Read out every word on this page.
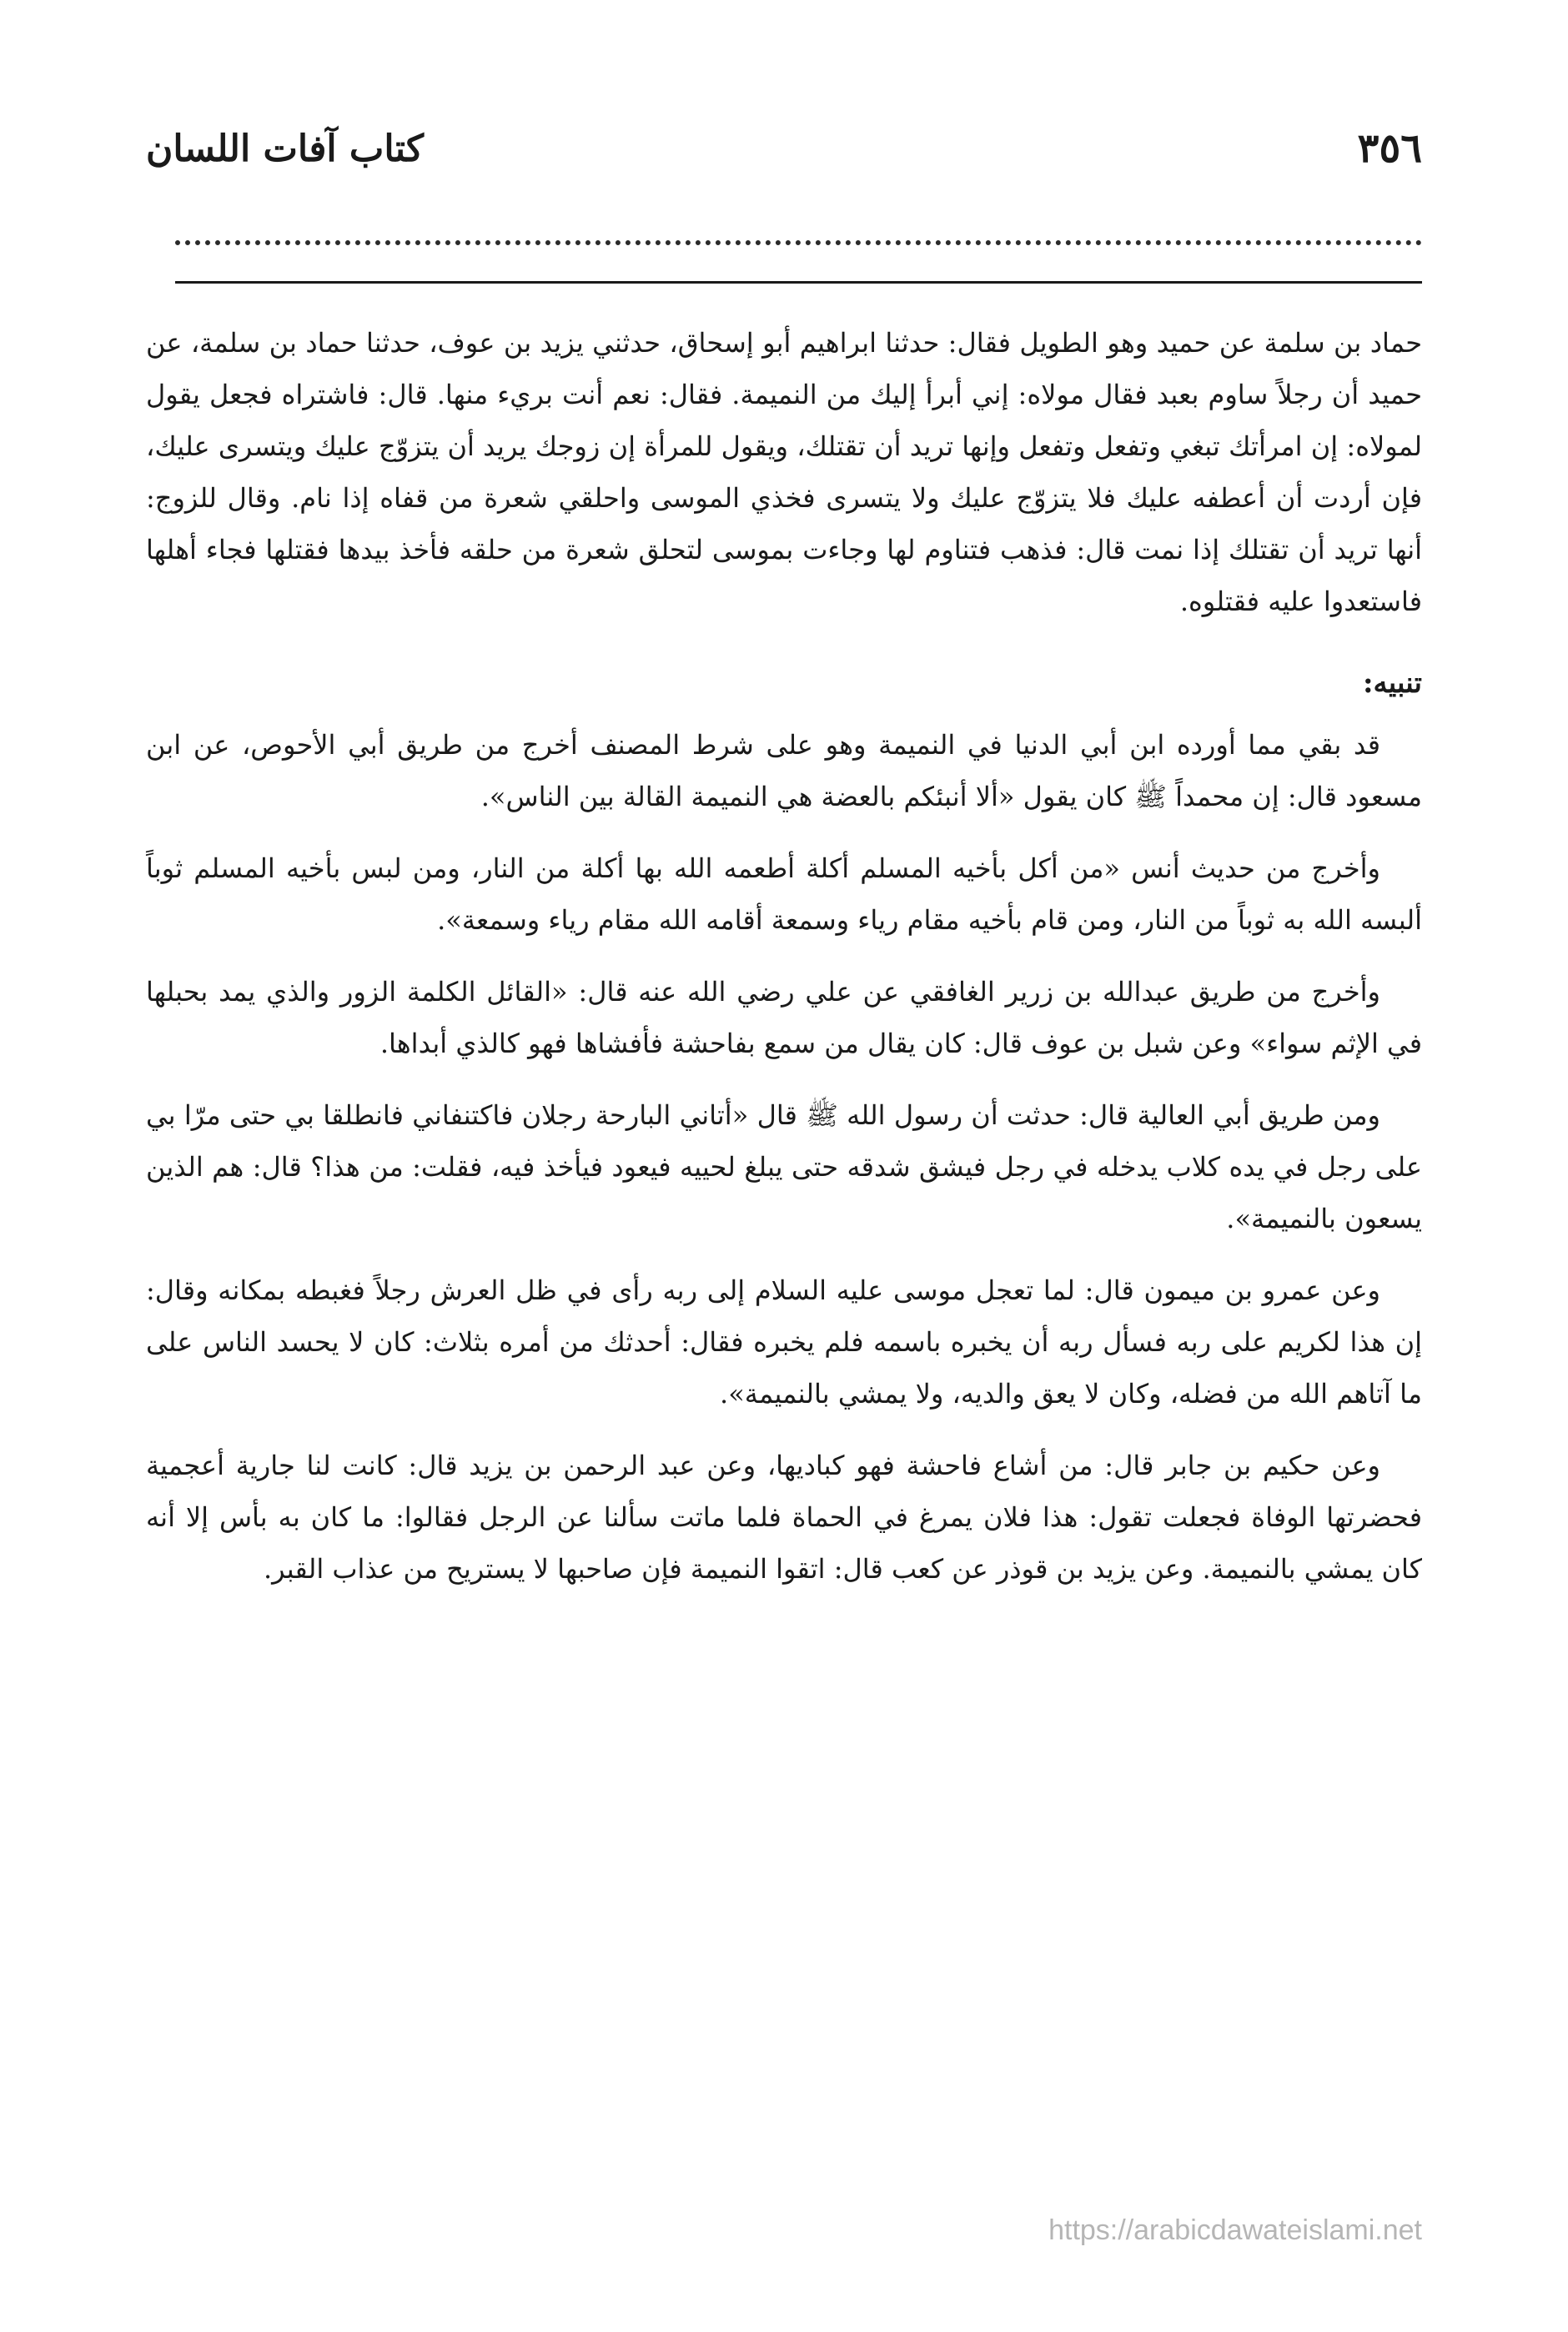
٣٥٦
كتاب آفات اللسان

حماد بن سلمة عن حميد وهو الطويل فقال: حدثنا ابراهيم أبو إسحاق، حدثني يزيد بن عوف، حدثنا حماد بن سلمة، عن حميد أن رجلاً ساوم بعبد فقال مولاه: إني أبرأ إليك من النميمة. فقال: نعم أنت بريء منها. قال: فاشتراه فجعل يقول لمولاه: إن امرأتك تبغي وتفعل وتفعل وإنها تريد أن تقتلك، ويقول للمرأة إن زوجك يريد أن يتزوّج عليك ويتسرى عليك، فإن أردت أن أعطفه عليك فلا يتزوّج عليك ولا يتسرى فخذي الموسى واحلقي شعرة من قفاه إذا نام. وقال للزوج: أنها تريد أن تقتلك إذا نمت قال: فذهب فتناوم لها وجاءت بموسى لتحلق شعرة من حلقه فأخذ بيدها فقتلها فجاء أهلها فاستعدوا عليه فقتلوه.

تنبيه:

قد بقي مما أورده ابن أبي الدنيا في النميمة وهو على شرط المصنف أخرج من طريق أبي الأحوص، عن ابن مسعود قال: إن محمداً ﷺ كان يقول «ألا أنبئكم بالعضة هي النميمة القالة بين الناس».

وأخرج من حديث أنس «من أكل بأخيه المسلم أكلة أطعمه الله بها أكلة من النار، ومن لبس بأخيه المسلم ثوباً ألبسه الله به ثوباً من النار، ومن قام بأخيه مقام رياء وسمعة أقامه الله مقام رياء وسمعة».

وأخرج من طريق عبدالله بن زرير الغافقي عن علي رضي الله عنه قال: «القائل الكلمة الزور والذي يمد بحبلها في الإثم سواء» وعن شبل بن عوف قال: كان يقال من سمع بفاحشة فأفشاها فهو كالذي أبداها.

ومن طريق أبي العالية قال: حدثت أن رسول الله ﷺ قال «أتاني البارحة رجلان فاكتنفاني فانطلقا بي حتى مرّا بي على رجل في يده كلاب يدخله في رجل فيشق شدقه حتى يبلغ لحييه فيعود فيأخذ فيه، فقلت: من هذا؟ قال: هم الذين يسعون بالنميمة».

وعن عمرو بن ميمون قال: لما تعجل موسى عليه السلام إلى ربه رأى في ظل العرش رجلاً فغبطه بمكانه وقال: إن هذا لكريم على ربه فسأل ربه أن يخبره باسمه فلم يخبره فقال: أحدثك من أمره بثلاث: كان لا يحسد الناس على ما آتاهم الله من فضله، وكان لا يعق والديه، ولا يمشي بالنميمة».

وعن حكيم بن جابر قال: من أشاع فاحشة فهو كباديها، وعن عبد الرحمن بن يزيد قال: كانت لنا جارية أعجمية فحضرتها الوفاة فجعلت تقول: هذا فلان يمرغ في الحماة فلما ماتت سألنا عن الرجل فقالوا: ما كان به بأس إلا أنه كان يمشي بالنميمة. وعن يزيد بن قوذر عن كعب قال: اتقوا النميمة فإن صاحبها لا يستريح من عذاب القبر.

https://arabicdawateislami.net
